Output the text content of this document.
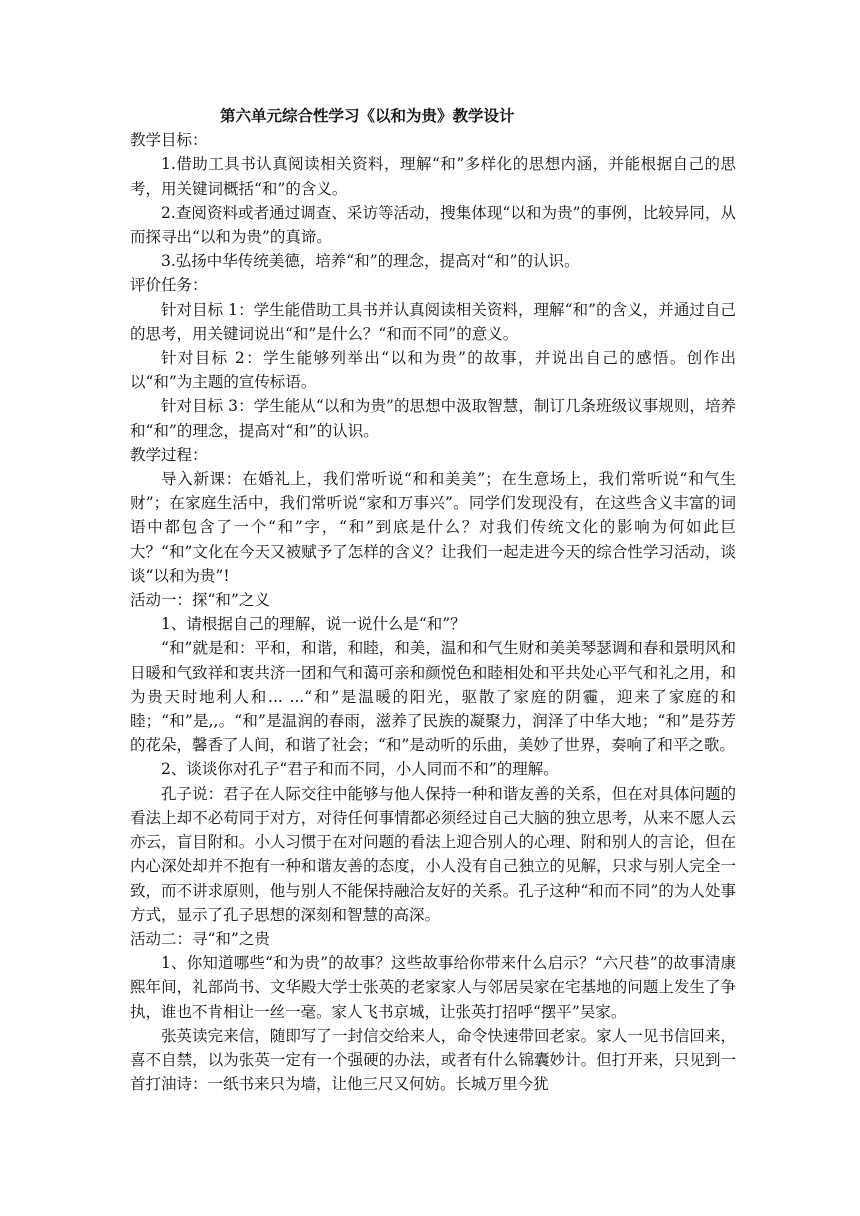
第六单元综合性学习《以和为贵》教学设计

教学目标：

1.借助工具书认真阅读相关资料，理解“和”多样化的思想内涵，并能根据自己的思考，用关键词概括“和”的含义。

2.查阅资料或者通过调查、采访等活动，搜集体现“以和为贵”的事例，比较异同，从而探寻出“以和为贵”的真谛。

3.弘扬中华传统美德，培养“和”的理念，提高对“和”的认识。

评价任务：

针对目标 1：学生能借助工具书并认真阅读相关资料，理解“和”的含义，并通过自己的思考，用关键词说出“和”是什么？“和而不同”的意义。

针对目标 2：学生能够列举出“以和为贵”的故事，并说出自己的感悟。创作出以“和”为主题的宣传标语。

针对目标 3：学生能从“以和为贵”的思想中汲取智慧，制订几条班级议事规则，培养和“和”的理念，提高对“和”的认识。

教学过程：

导入新课：在婚礼上，我们常听说“和和美美”；在生意场上，我们常听说“和气生财”；在家庭生活中，我们常听说“家和万事兴”。同学们发现没有，在这些含义丰富的词语中都包含了一个“和”字，“和”到底是什么？对我们传统文化的影响为何如此巨大？“和”文化在今天又被赋予了怎样的含义？让我们一起走进今天的综合性学习活动，谈谈“以和为贵”!

活动一：探“和”之义

1、请根据自己的理解，说一说什么是“和”？

“和”就是和：平和，和谐，和睦，和美，温和和气生财和美美琴瑟调和春和景明风和日暖和气致祥和衷共济一团和气和蔼可亲和颜悦色和睦相处和平共处心平气和礼之用，和为贵天时地利人和... ...“和”是温暖的阳光，驱散了家庭的阴霾，迎来了家庭的和睦；“和”是,,。“和”是温润的春雨，滋养了民族的凝聚力，润泽了中华大地；“和”是芬芳的花朵，馨香了人间，和谐了社会；“和”是动听的乐曲，美妙了世界，奏响了和平之歌。

2、谈谈你对孔子“君子和而不同，小人同而不和”的理解。

孔子说：君子在人际交往中能够与他人保持一种和谐友善的关系，但在对具体问题的看法上却不必苟同于对方，对待任何事情都必须经过自己大脑的独立思考，从来不愿人云亦云，盲目附和。小人习惯于在对问题的看法上迎合别人的心理、附和别人的言论，但在内心深处却并不抱有一种和谐友善的态度，小人没有自己独立的见解，只求与别人完全一致，而不讲求原则，他与别人不能保持融洽友好的关系。孔子这种“和而不同”的为人处事方式，显示了孔子思想的深刻和智慧的高深。

活动二：寻“和”之贵

1、你知道哪些“和为贵”的故事？这些故事给你带来什么启示？“六尺巷”的故事清康熙年间，礼部尚书、文华殿大学士张英的老家家人与邻居吴家在宅基地的问题上发生了争执，谁也不肯相让一丝一毫。家人飞书京城，让张英打招呼“摆平”吴家。

张英读完来信，随即写了一封信交给来人，命令快速带回老家。家人一见书信回来，喜不自禁，以为张英一定有一个强硬的办法，或者有什么锦囊妙计。但打开来，只见到一首打油诗：一纸书来只为墙，让他三尺又何妨。长城万里今犹
